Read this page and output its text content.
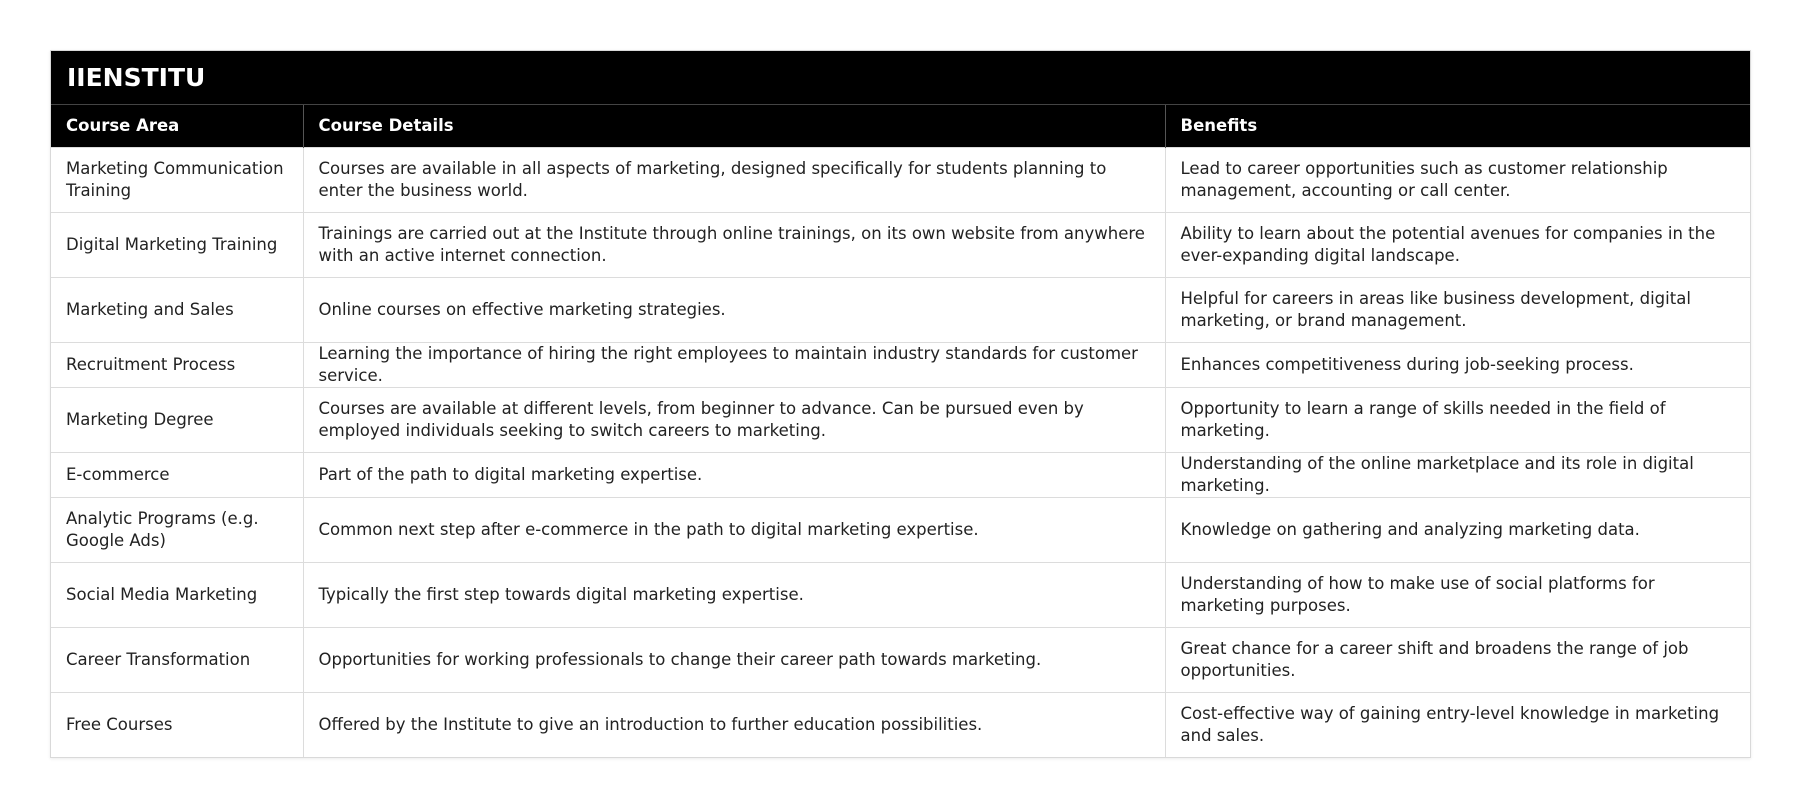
IIENSTITU
Course Area	Course Details	Benefits
Marketing Communication Training	Courses are available in all aspects of marketing, designed specifically for students planning to enter the business world.	Lead to career opportunities such as customer relationship management, accounting or call center.
Digital Marketing Training	Trainings are carried out at the Institute through online trainings, on its own website from anywhere with an active internet connection.	Ability to learn about the potential avenues for companies in the ever-expanding digital landscape.
Marketing and Sales	Online courses on effective marketing strategies.	Helpful for careers in areas like business development, digital marketing, or brand management.
Recruitment Process	Learning the importance of hiring the right employees to maintain industry standards for customer service.	Enhances competitiveness during job-seeking process.
Marketing Degree	Courses are available at different levels, from beginner to advance. Can be pursued even by employed individuals seeking to switch careers to marketing.	Opportunity to learn a range of skills needed in the field of marketing.
E-commerce	Part of the path to digital marketing expertise.	Understanding of the online marketplace and its role in digital marketing.
Analytic Programs (e.g. Google Ads)	Common next step after e-commerce in the path to digital marketing expertise.	Knowledge on gathering and analyzing marketing data.
Social Media Marketing	Typically the first step towards digital marketing expertise.	Understanding of how to make use of social platforms for marketing purposes.
Career Transformation	Opportunities for working professionals to change their career path towards marketing.	Great chance for a career shift and broadens the range of job opportunities.
Free Courses	Offered by the Institute to give an introduction to further education possibilities.	Cost-effective way of gaining entry-level knowledge in marketing and sales.
